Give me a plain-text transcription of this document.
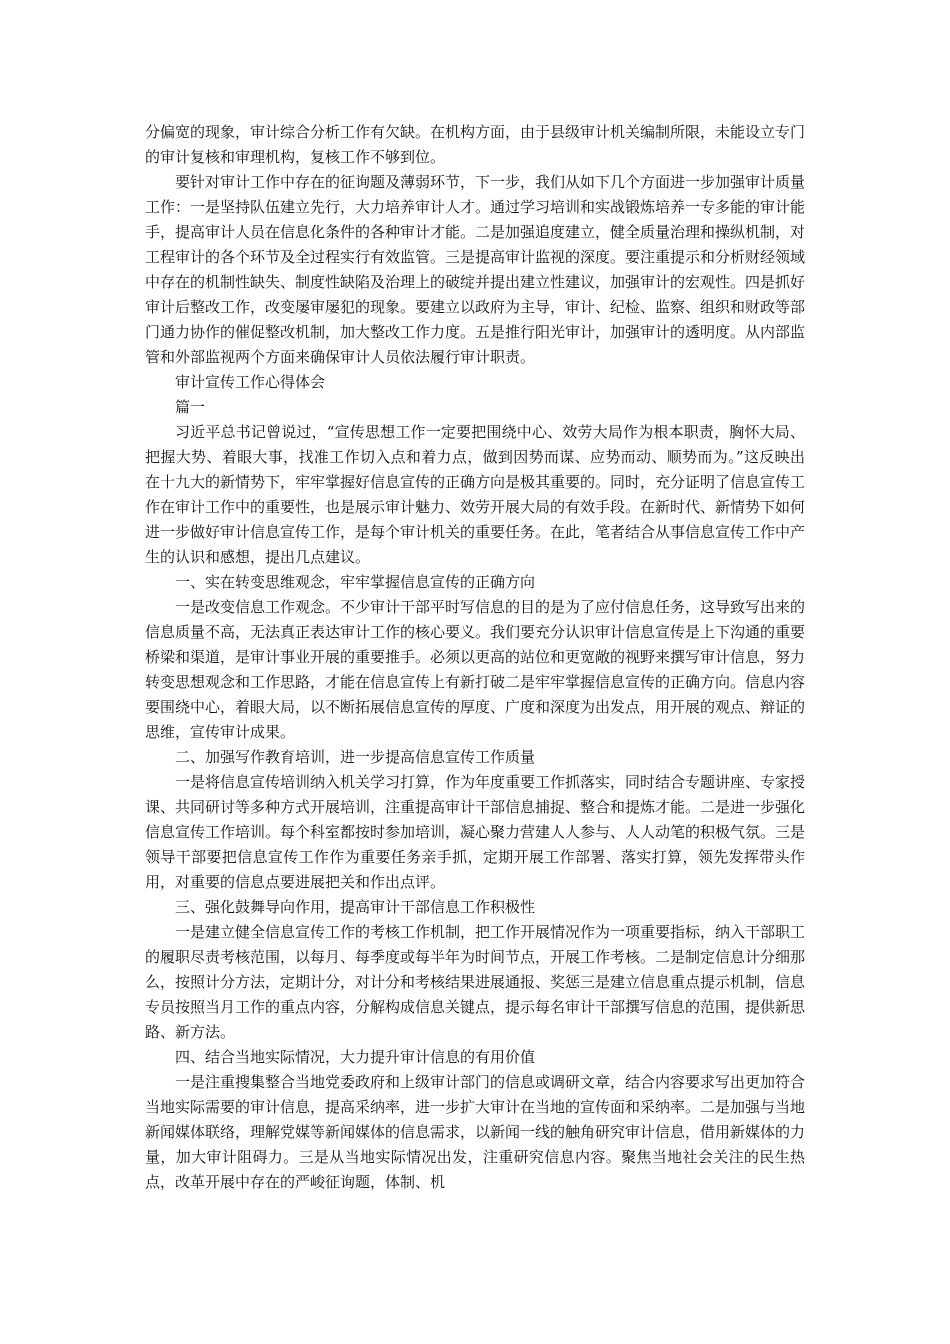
分偏宽的现象，审计综合分析工作有欠缺。在机构方面，由于县级审计机关编制所限，未能设立专门的审计复核和审理机构，复核工作不够到位。

要针对审计工作中存在的征询题及薄弱环节，下一步，我们从如下几个方面进一步加强审计质量工作：一是坚持队伍建立先行，大力培养审计人才。通过学习培训和实战锻炼培养一专多能的审计能手，提高审计人员在信息化条件的各种审计才能。二是加强追度建立，健全质量治理和操纵机制，对工程审计的各个环节及全过程实行有效监管。三是提高审计监视的深度。要注重提示和分析财经领域中存在的机制性缺失、制度性缺陷及治理上的破绽并提出建立性建议，加强审计的宏观性。四是抓好审计后整改工作，改变屡审屡犯的现象。要建立以政府为主导，审计、纪检、监察、组织和财政等部门通力协作的催促整改机制，加大整改工作力度。五是推行阳光审计，加强审计的透明度。从内部监管和外部监视两个方面来确保审计人员依法履行审计职责。

审计宣传工作心得体会

篇一

习近平总书记曾说过，“宣传思想工作一定要把围绕中心、效劳大局作为根本职责，胸怀大局、把握大势、着眼大事，找准工作切入点和着力点，做到因势而谋、应势而动、顺势而为。”这反映出在十九大的新情势下，牢牢掌握好信息宣传的正确方向是极其重要的。同时，充分证明了信息宣传工作在审计工作中的重要性，也是展示审计魅力、效劳开展大局的有效手段。在新时代、新情势下如何进一步做好审计信息宣传工作，是每个审计机关的重要任务。在此，笔者结合从事信息宣传工作中产生的认识和感想，提出几点建议。

一、实在转变思维观念，牢牢掌握信息宣传的正确方向

一是改变信息工作观念。不少审计干部平时写信息的目的是为了应付信息任务，这导致写出来的信息质量不高，无法真正表达审计工作的核心要义。我们要充分认识审计信息宣传是上下沟通的重要桥梁和渠道，是审计事业开展的重要推手。必须以更高的站位和更宽敞的视野来撰写审计信息，努力转变思想观念和工作思路，才能在信息宣传上有新打破二是牢牢掌握信息宣传的正确方向。信息内容要围绕中心，着眼大局，以不断拓展信息宣传的厚度、广度和深度为出发点，用开展的观点、辩证的思维，宣传审计成果。

二、加强写作教育培训，进一步提高信息宣传工作质量

一是将信息宣传培训纳入机关学习打算，作为年度重要工作抓落实，同时结合专题讲座、专家授课、共同研讨等多种方式开展培训，注重提高审计干部信息捕捉、整合和提炼才能。二是进一步强化信息宣传工作培训。每个科室都按时参加培训，凝心聚力营建人人参与、人人动笔的积极气氛。三是领导干部要把信息宣传工作作为重要任务亲手抓，定期开展工作部署、落实打算，领先发挥带头作用，对重要的信息点要进展把关和作出点评。

三、强化鼓舞导向作用，提高审计干部信息工作积极性

一是建立健全信息宣传工作的考核工作机制，把工作开展情况作为一项重要指标，纳入干部职工的履职尽责考核范围，以每月、每季度或每半年为时间节点，开展工作考核。二是制定信息计分细那么，按照计分方法，定期计分，对计分和考核结果进展通报、奖惩三是建立信息重点提示机制，信息专员按照当月工作的重点内容，分解构成信息关键点，提示每名审计干部撰写信息的范围，提供新思路、新方法。

四、结合当地实际情况，大力提升审计信息的有用价值

一是注重搜集整合当地党委政府和上级审计部门的信息或调研文章，结合内容要求写出更加符合当地实际需要的审计信息，提高采纳率，进一步扩大审计在当地的宣传面和采纳率。二是加强与当地新闻媒体联络，理解党媒等新闻媒体的信息需求，以新闻一线的触角研究审计信息，借用新媒体的力量，加大审计阻碍力。三是从当地实际情况出发，注重研究信息内容。聚焦当地社会关注的民生热点，改革开展中存在的严峻征询题，体制、机
